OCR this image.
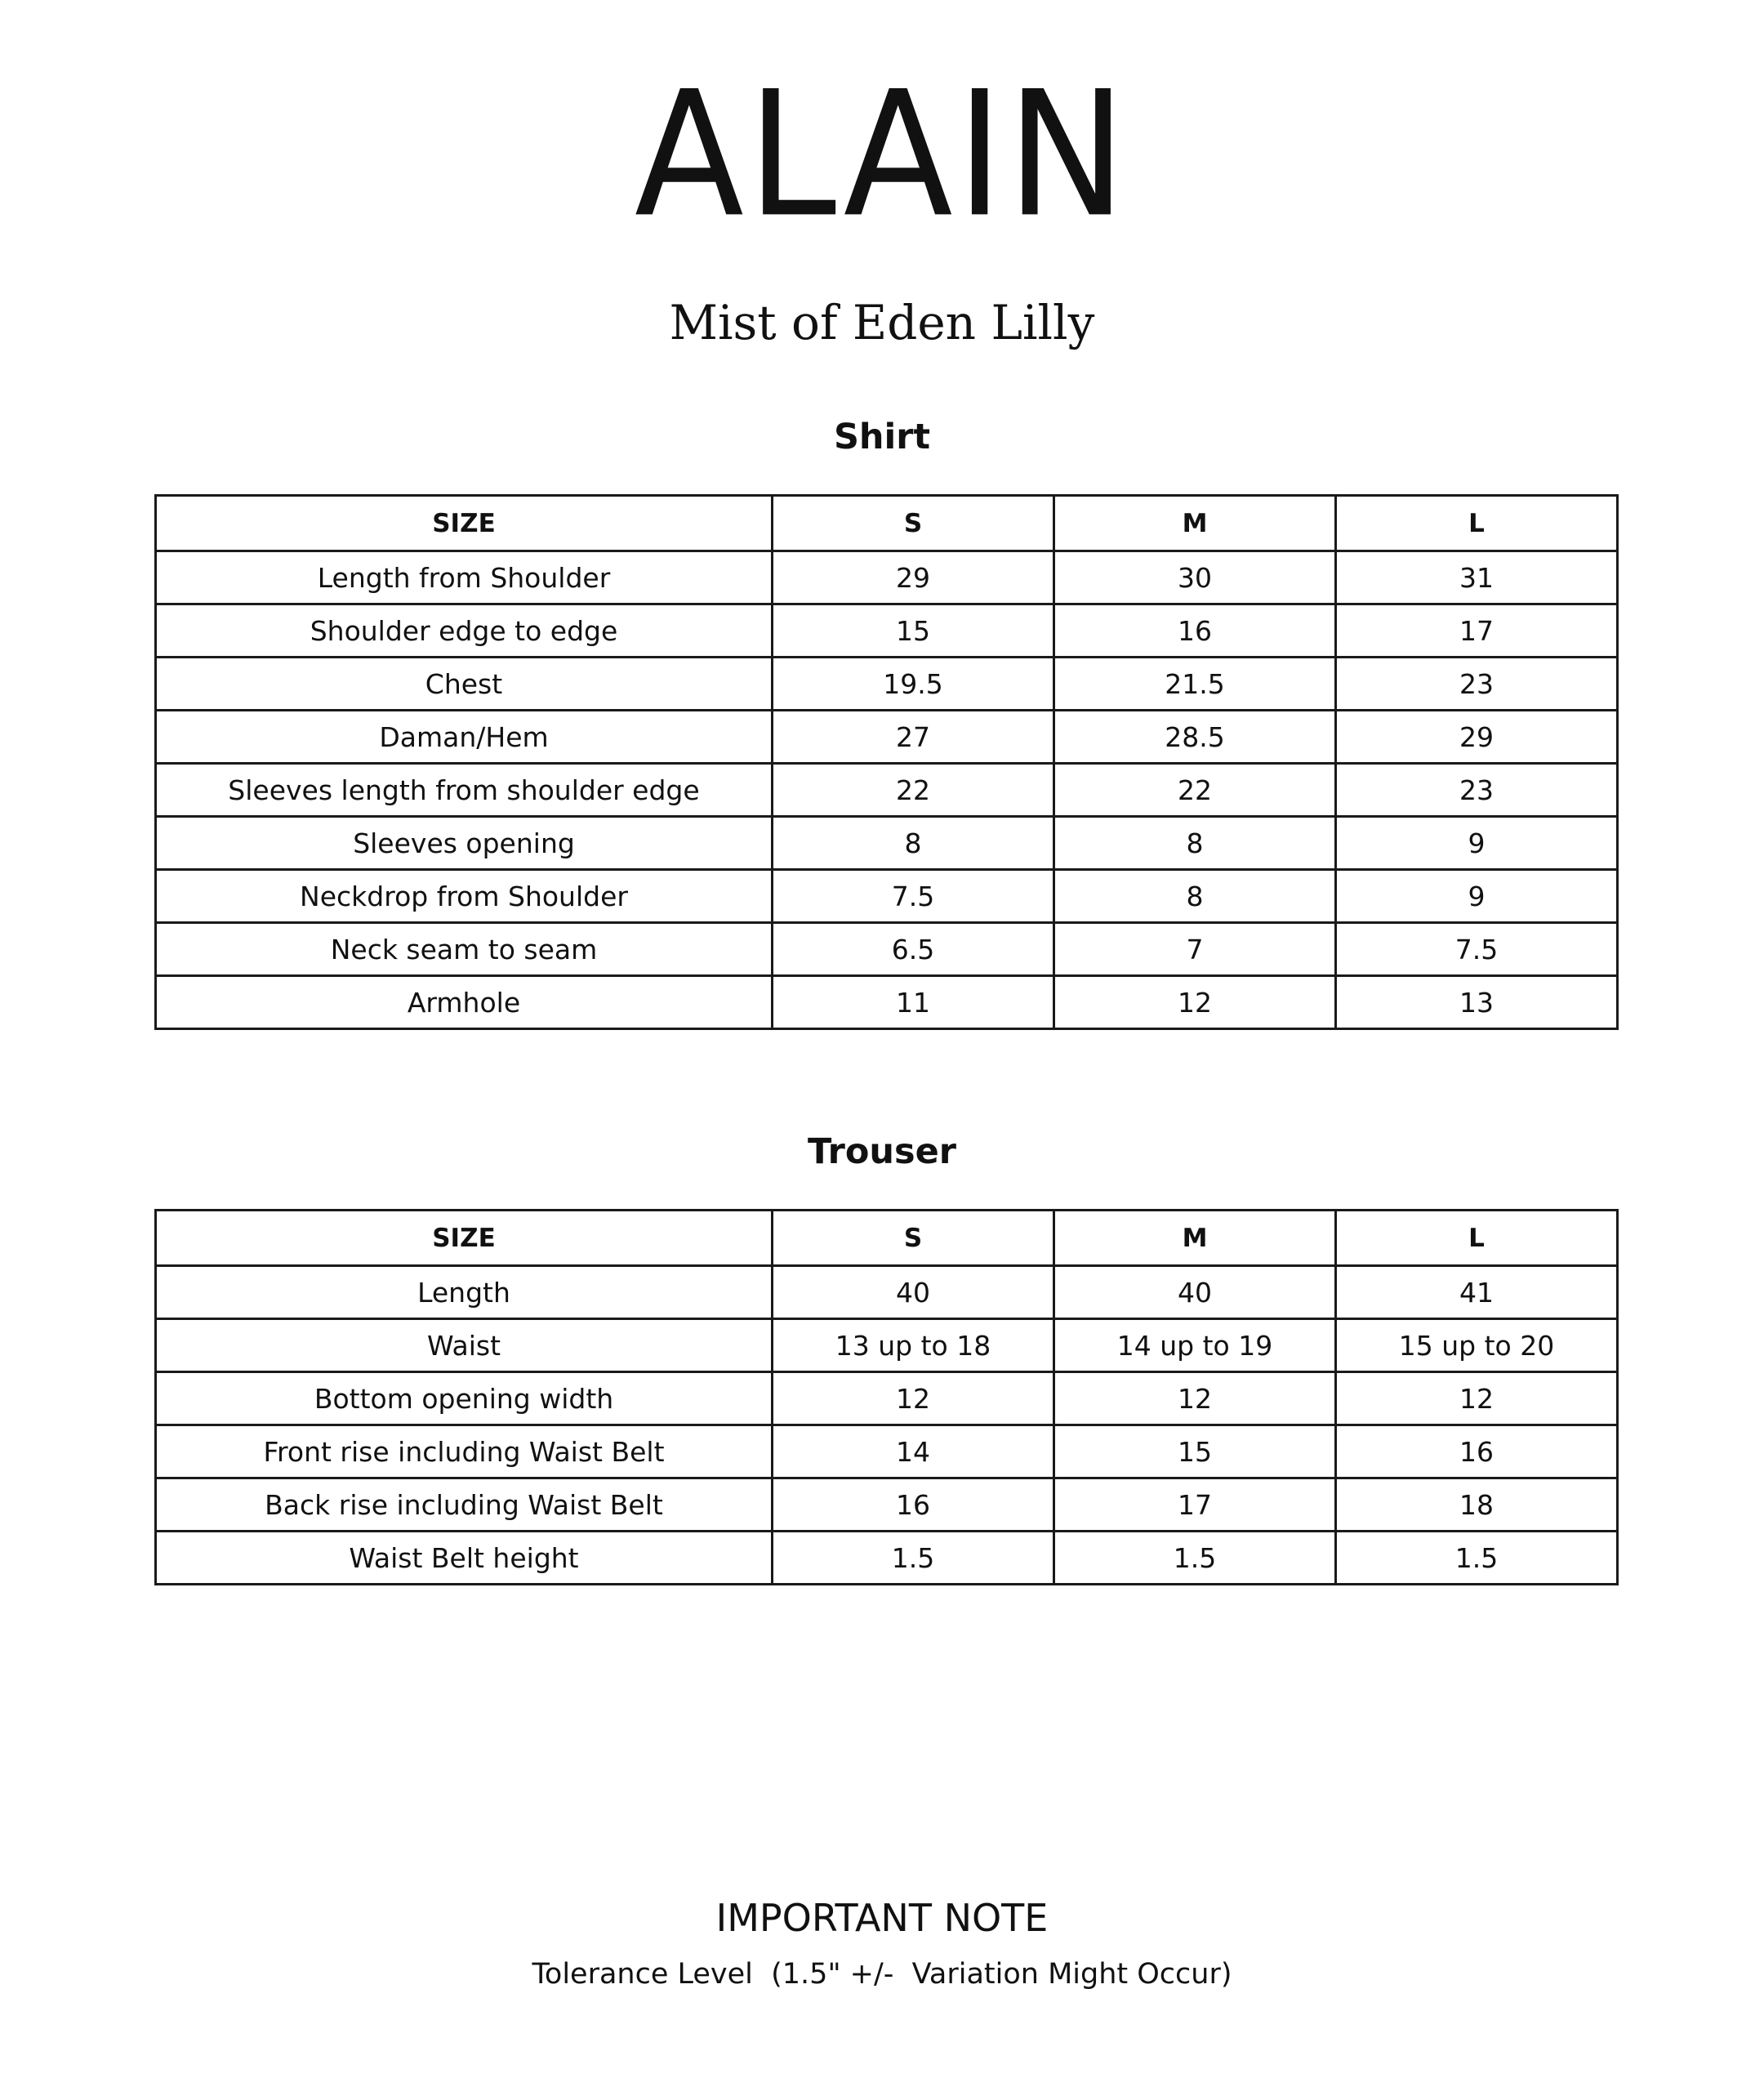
ALAIN
Mist of Eden Lilly
Shirt
SIZE	S	M	L
Length from Shoulder	29	30	31
Shoulder edge to edge	15	16	17
Chest	19.5	21.5	23
Daman/Hem	27	28.5	29
Sleeves length from shoulder edge	22	22	23
Sleeves opening	8	8	9
Neckdrop from Shoulder	7.5	8	9
Neck seam to seam	6.5	7	7.5
Armhole	11	12	13
Trouser
SIZE	S	M	L
Length	40	40	41
Waist	13 up to 18	14 up to 19	15 up to 20
Bottom opening width	12	12	12
Front rise including Waist Belt	14	15	16
Back rise including Waist Belt	16	17	18
Waist Belt height	1.5	1.5	1.5
IMPORTANT NOTE
Tolerance Level  (1.5" +/-  Variation Might Occur)
